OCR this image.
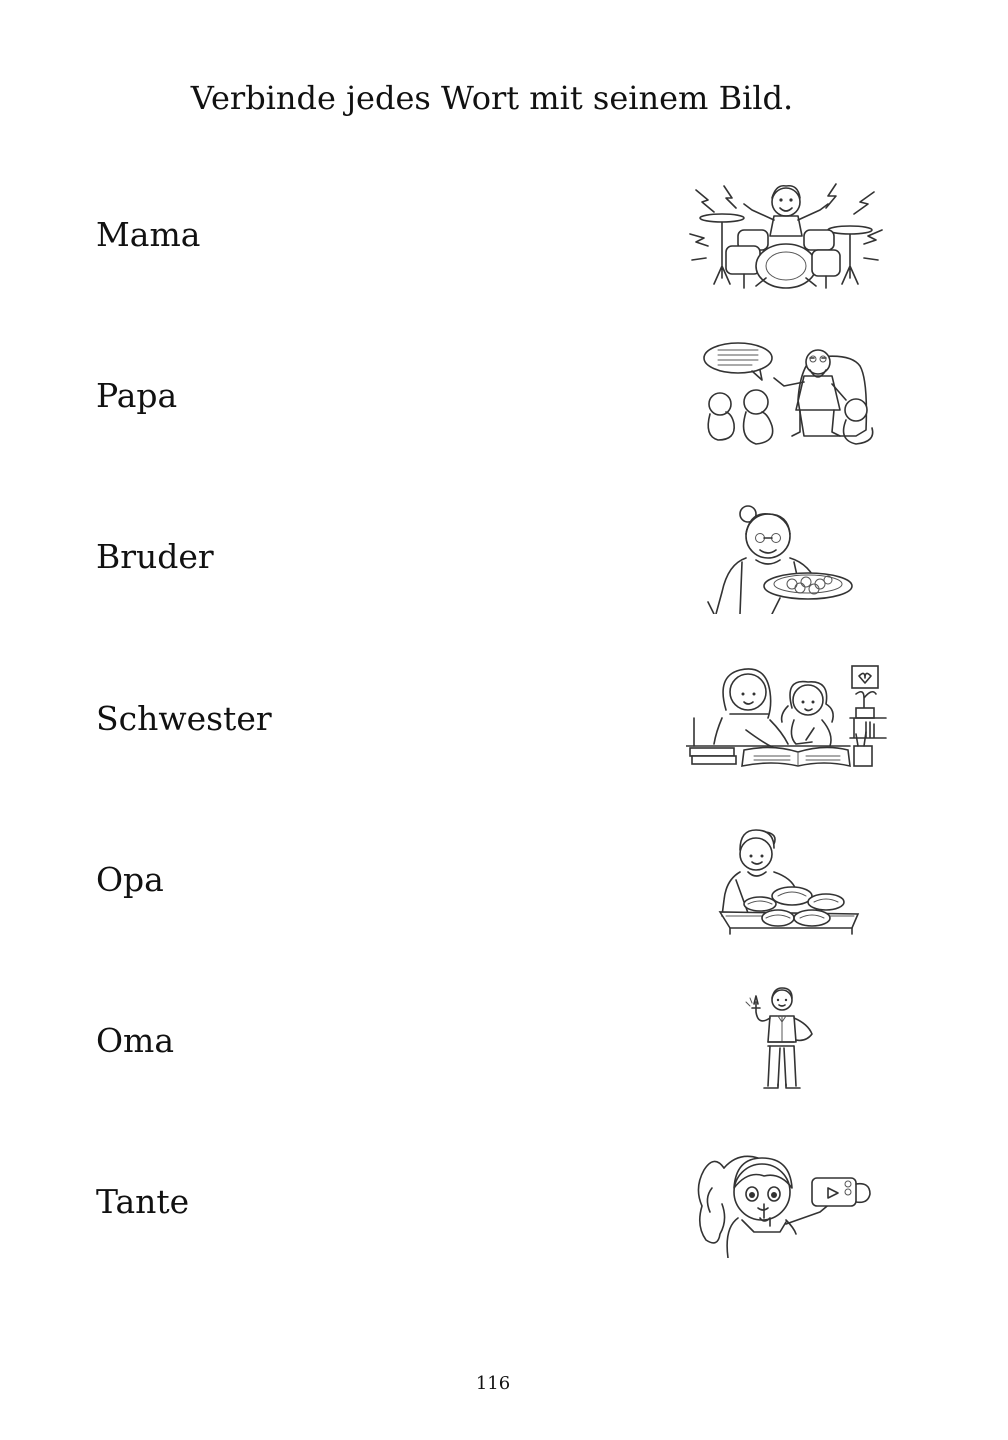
Verbinde jedes Wort mit seinem Bild.
Mama
Papa
Bruder
Schwester
Opa
Oma
Tante
116
